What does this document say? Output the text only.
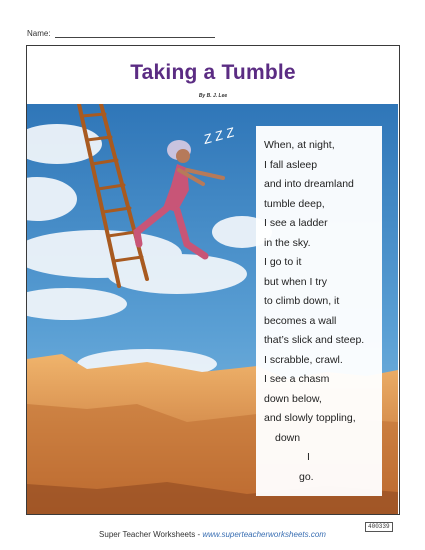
Name:
Taking a Tumble
By B. J. Lee
Z Z Z	When, at night,
I fall asleep
and into dreamland
tumble deep,
I see a ladder
in the sky.
I go to it
but when I try
to climb down, it
becomes a wall
that’s slick and steep.
I scrabble, crawl.
I see a chasm
down below,
and slowly toppling,
down
I
go.
400339
Super Teacher Worksheets - www.superteacherworksheets.com
